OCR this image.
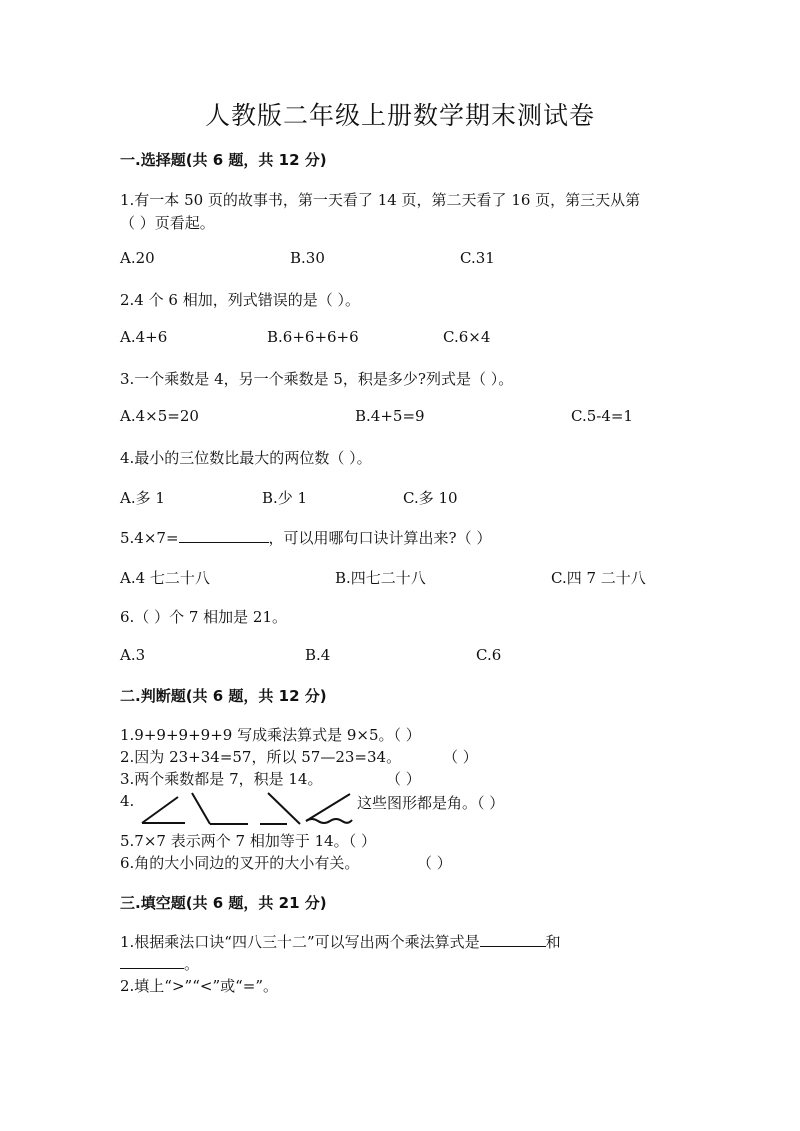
人教版二年级上册数学期末测试卷
一.选择题(共 6 题，共 12 分)
1.有一本 50 页的故事书，第一天看了 14 页，第二天看了 16 页，第三天从第
（ ）页看起。
A.20	B.30	C.31
2.4 个 6 相加，列式错误的是（ ）。
A.4+6	B.6+6+6+6	C.6×4
3.一个乘数是 4，另一个乘数是 5，积是多少?列式是（ ）。
A.4×5=20	B.4+5=9	C.5-4=1
4.最小的三位数比最大的两位数（ ）。
A.多 1	B.少 1	C.多 10
5.4×7=	，可以用哪句口诀计算出来?（ ）
A.4 七二十八	B.四七二十八	C.四 7 二十八
6.（ ）个 7 相加是 21。
A.3	B.4	C.6
二.判断题(共 6 题，共 12 分)
1.9+9+9+9+9 写成乘法算式是 9×5。（ ）
2.因为 23+34=57，所以 57—23=34。	（ ）
3.两个乘数都是 7，积是 14。	（ ）
4.	这些图形都是角。（ ）
5.7×7 表示两个 7 相加等于 14。（ ）
6.角的大小同边的叉开的大小有关。	（ ）
三.填空题(共 6 题，共 21 分)
1.根据乘法口诀“四八三十二”可以写出两个乘法算式是	和
。
2.填上“>”“<”或“=”。
